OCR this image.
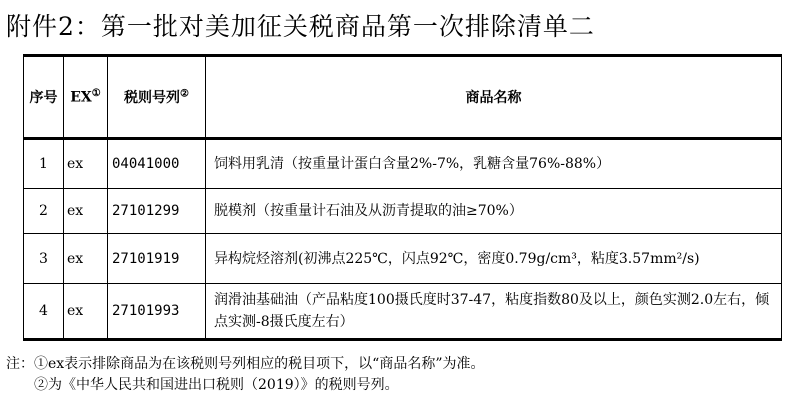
附件2：第一批对美加征关税商品第一次排除清单二
序号	EX①	税则号列②	商品名称
1	ex	04041000	饲料用乳清（按重量计蛋白含量2%-7%，乳糖含量76%-88%）
2	ex	27101299	脱模剂（按重量计石油及从沥青提取的油≥70%）
3	ex	27101919	异构烷烃溶剂(初沸点225℃，闪点92℃，密度0.79g/cm³，粘度3.57mm²/s)
4	ex	27101993	润滑油基础油（产品粘度100摄氏度时37-47，粘度指数80及以上，颜色实测2.0左右，倾点实测-8摄氏度左右）
注：①ex表示排除商品为在该税则号列相应的税目项下，以“商品名称”为准。
②为《中华人民共和国进出口税则（2019）》的税则号列。
